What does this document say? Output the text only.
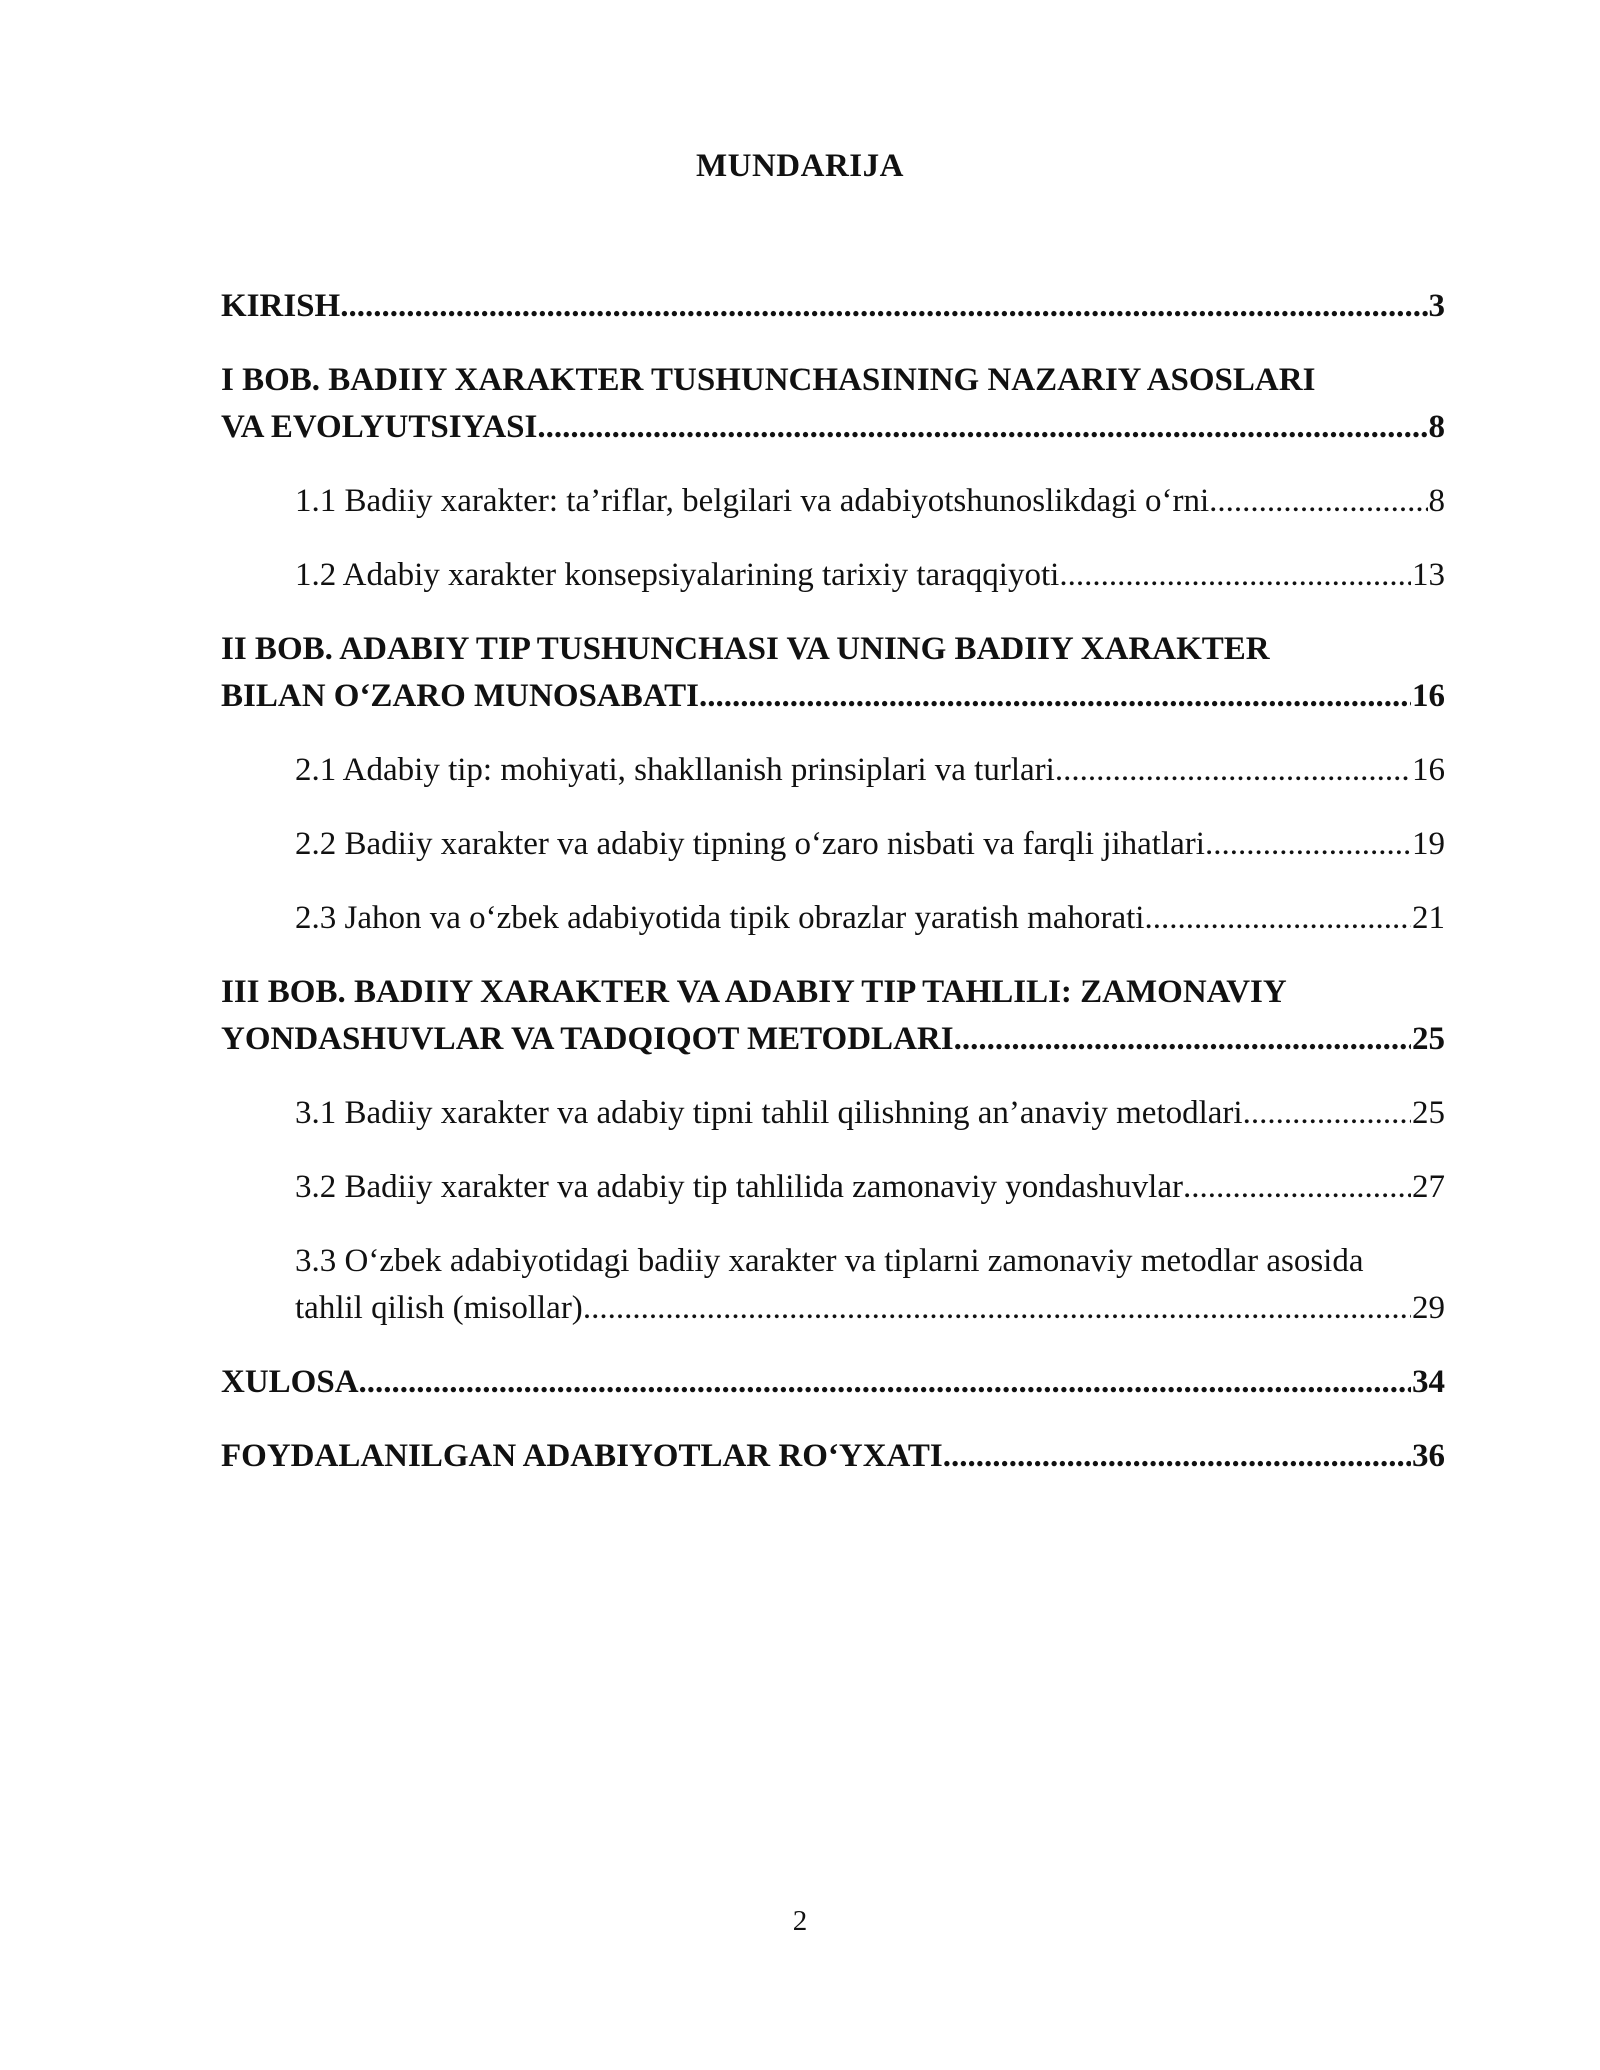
MUNDARIJA
KIRISH .....	3
I BOB. BADIIY XARAKTER TUSHUNCHASINING NAZARIY ASOSLARI
VA EVOLYUTSIYASI .....	8
1.1 Badiiy xarakter: ta’riflar, belgilari va adabiyotshunoslikdagi o‘rni .....	8
1.2 Adabiy xarakter konsepsiyalarining tarixiy taraqqiyoti .....	13
II BOB. ADABIY TIP TUSHUNCHASI VA UNING BADIIY XARAKTER
BILAN O‘ZARO MUNOSABATI .....	16
2.1 Adabiy tip: mohiyati, shakllanish prinsiplari va turlari .....	16
2.2 Badiiy xarakter va adabiy tipning o‘zaro nisbati va farqli jihatlari .....	19
2.3 Jahon va o‘zbek adabiyotida tipik obrazlar yaratish mahorati .....	21
III BOB. BADIIY XARAKTER VA ADABIY TIP TAHLILI: ZAMONAVIY
YONDASHUVLAR VA TADQIQOT METODLARI .....	25
3.1 Badiiy xarakter va adabiy tipni tahlil qilishning an’anaviy metodlari .....	25
3.2 Badiiy xarakter va adabiy tip tahlilida zamonaviy yondashuvlar .....	27
3.3 O‘zbek adabiyotidagi badiiy xarakter va tiplarni zamonaviy metodlar asosida
tahlil qilish (misollar) .....	29
XULOSA .....	34
FOYDALANILGAN ADABIYOTLAR RO‘YXATI .....	36
2
